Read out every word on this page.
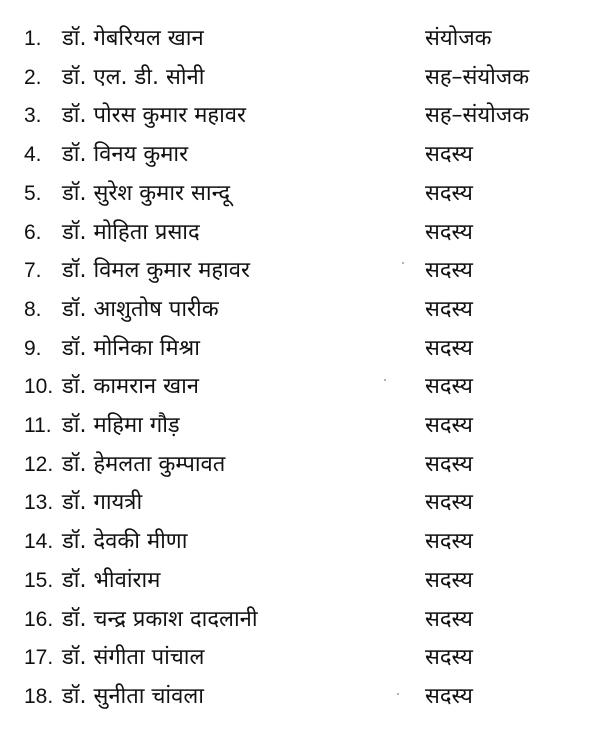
1. डॉ. गेबरियल खान	संयोजक
2. डॉ. एल. डी. सोनी	सह–संयोजक
3. डॉ. पोरस कुमार महावर	सह–संयोजक
4. डॉ. विनय कुमार	सदस्य
5. डॉ. सुरेश कुमार सान्दू	सदस्य
6. डॉ. मोहिता प्रसाद	सदस्य
7. डॉ. विमल कुमार महावर	सदस्य
8. डॉ. आशुतोष पारीक	सदस्य
9. डॉ. मोनिका मिश्रा	सदस्य
10. डॉ. कामरान खान	सदस्य
11. डॉ. महिमा गौड़	सदस्य
12. डॉ. हेमलता कुम्पावत	सदस्य
13. डॉ. गायत्री	सदस्य
14. डॉ. देवकी मीणा	सदस्य
15. डॉ. भीवांराम	सदस्य
16. डॉ. चन्द्र प्रकाश दादलानी	सदस्य
17. डॉ. संगीता पांचाल	सदस्य
18. डॉ. सुनीता चांवला	सदस्य
